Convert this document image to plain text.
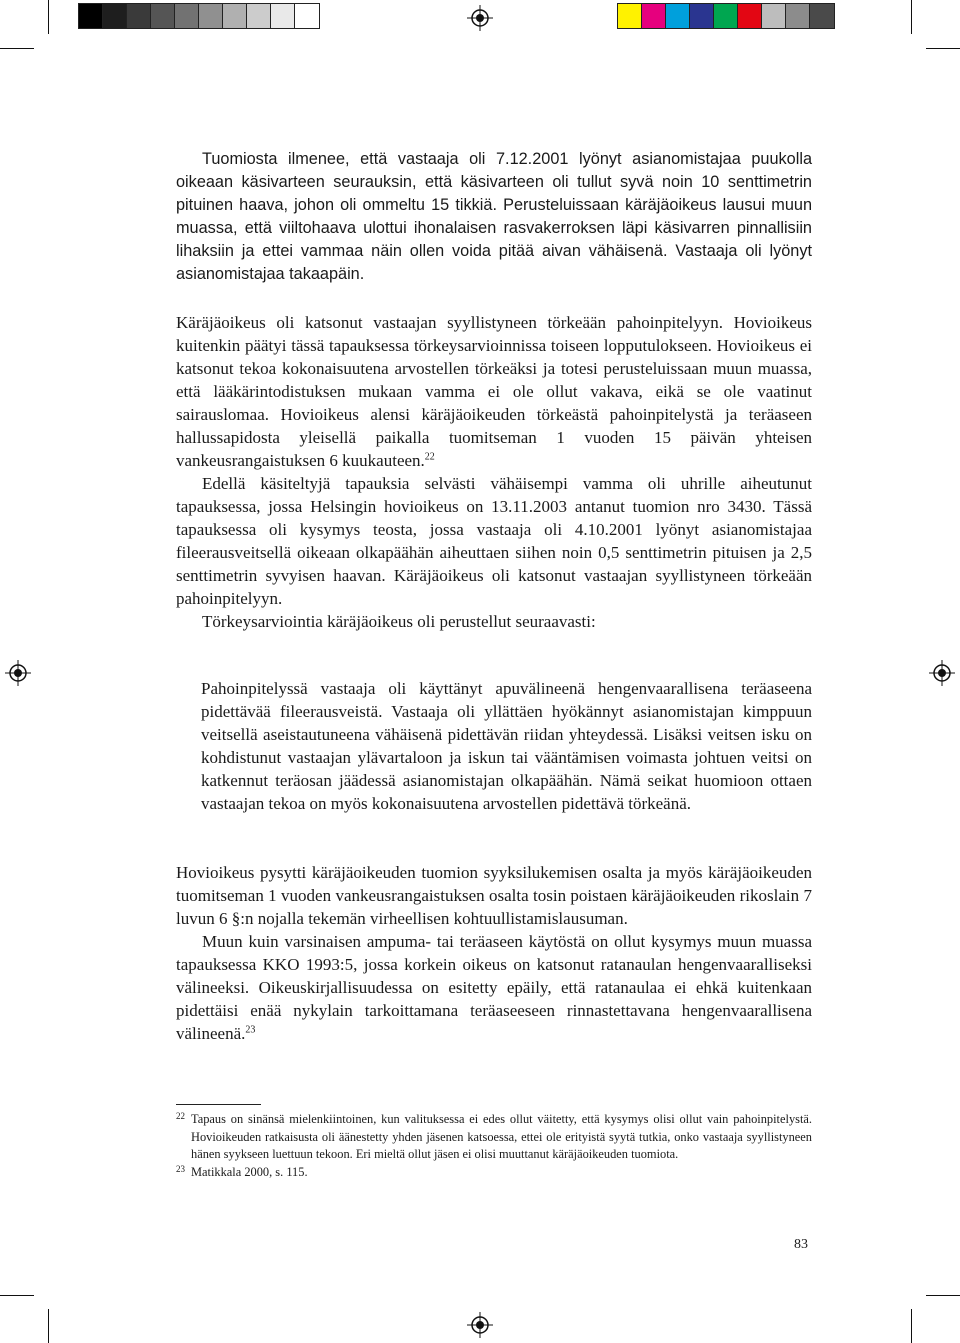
Tuomiosta ilmenee, että vastaaja oli 7.12.2001 lyönyt asianomistajaa puukolla oikeaan käsivarteen seurauksin, että käsivarteen oli tullut syvä noin 10 senttimetrin pituinen haava, johon oli ommeltu 15 tikkiä. Perusteluissaan käräjäoikeus lausui muun muassa, että viiltohaava ulottui ihonalaisen rasvakerroksen läpi käsivarren pinnallisiin lihaksiin ja ettei vammaa näin ollen voida pitää aivan vähäisenä. Vastaaja oli lyönyt asianomistajaa takaapäin.

Käräjäoikeus oli katsonut vastaajan syyllistyneen törkeään pahoinpitelyyn. Hovioikeus kuitenkin päätyi tässä tapauksessa törkeysarvioinnissa toiseen lopputulokseen. Hovioikeus ei katsonut tekoa kokonaisuutena arvostellen törkeäksi ja totesi perusteluissaan muun muassa, että lääkärintodistuksen mukaan vamma ei ole ollut vakava, eikä se ole vaatinut sairauslomaa. Hovioikeus alensi käräjäoikeuden törkeästä pahoinpitelystä ja teräaseen hallussapidosta yleisellä paikalla tuomitseman 1 vuoden 15 päivän yhteisen vankeusrangaistuksen 6 kuukauteen.$^{22}$

Edellä käsiteltyjä tapauksia selvästi vähäisempi vamma oli uhrille aiheutunut tapauksessa, jossa Helsingin hovioikeus on 13.11.2003 antanut tuomion nro 3430. Tässä tapauksessa oli kysymys teosta, jossa vastaaja oli 4.10.2001 lyönyt asianomistajaa fileerausveitsellä oikeaan olkapäähän aiheuttaen siihen noin 0,5 senttimetrin pituisen ja 2,5 senttimetrin syvyisen haavan. Käräjäoikeus oli katsonut vastaajan syyllistyneen törkeään pahoinpitelyyn.

Törkeysarviointia käräjäoikeus oli perustellut seuraavasti:

Pahoinpitelyssä vastaaja oli käyttänyt apuvälineenä hengenvaarallisena teräaseena pidettävää fileerausveistä. Vastaaja oli yllättäen hyökännyt asianomistajan kimppuun veitsellä aseistautuneena vähäisenä pidettävän riidan yhteydessä. Lisäksi veitsen isku on kohdistunut vastaajan ylävartaloon ja iskun tai vääntämisen voimasta johtuen veitsi on katkennut teräosan jäädessä asianomistajan olkapäähän. Nämä seikat huomioon ottaen vastaajan tekoa on myös kokonaisuutena arvostellen pidettävä törkeänä.

Hovioikeus pysytti käräjäoikeuden tuomion syyksilukemisen osalta ja myös käräjäoikeuden tuomitseman 1 vuoden vankeusrangaistuksen osalta tosin poistaen käräjäoikeuden rikoslain 7 luvun 6 §:n nojalla tekemän virheellisen kohtuullistamislausuman.

Muun kuin varsinaisen ampuma- tai teräaseen käytöstä on ollut kysymys muun muassa tapauksessa KKO 1993:5, jossa korkein oikeus on katsonut ratanaulan hengenvaaralliseksi välineeksi. Oikeuskirjallisuudessa on esitetty epäily, että ratanaulaa ei ehkä kuitenkaan pidettäisi enää nykylain tarkoittamana teräaseeseen rinnastettavana hengenvaarallisena välineenä.$^{23}$

22 Tapaus on sinänsä mielenkiintoinen, kun valituksessa ei edes ollut väitetty, että kysymys olisi ollut vain pahoinpitelystä. Hovioikeuden ratkaisusta oli äänestetty yhden jäsenen katsoessa, ettei ole erityistä syytä tutkia, onko vastaaja syyllistyneen hänen syykseen luettuun tekoon. Eri mieltä ollut jäsen ei olisi muuttanut käräjäoikeuden tuomiota.
23 Matikkala 2000, s. 115.
83
